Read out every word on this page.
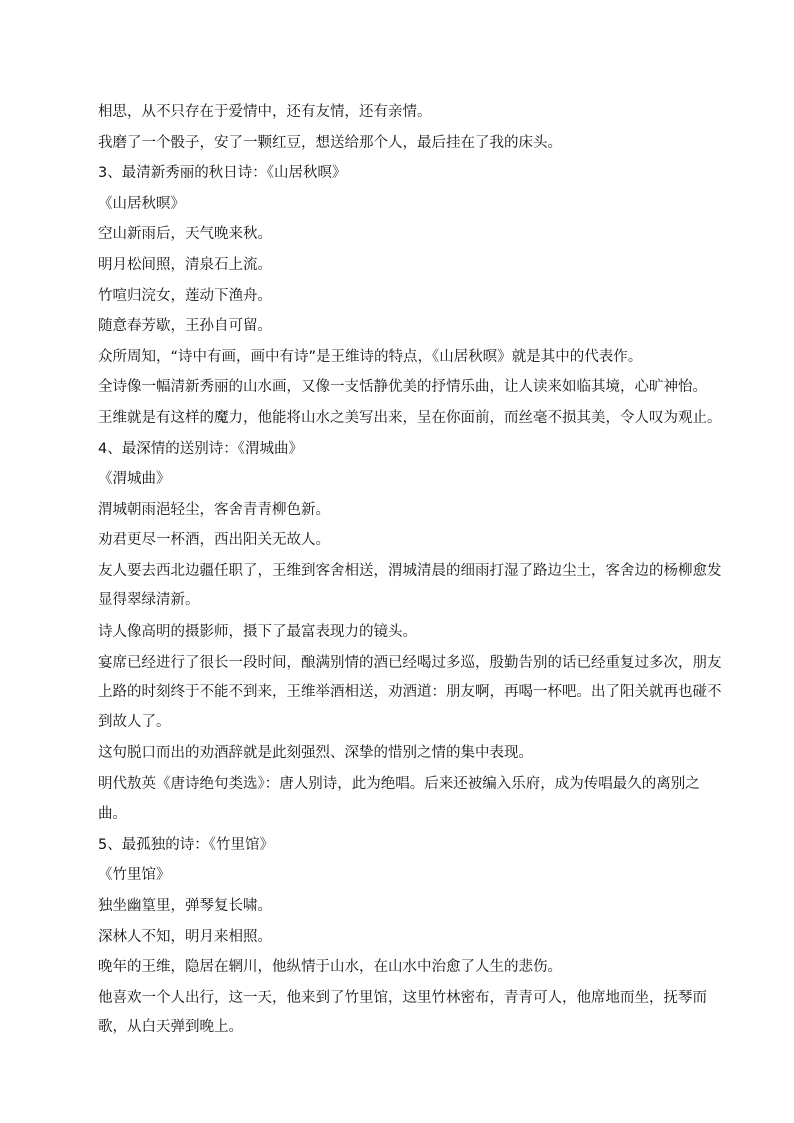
相思，从不只存在于爱情中，还有友情，还有亲情。

我磨了一个骰子，安了一颗红豆，想送给那个人，最后挂在了我的床头。

3、最清新秀丽的秋日诗：《山居秋暝》

《山居秋暝》

空山新雨后，天气晚来秋。

明月松间照，清泉石上流。

竹喧归浣女，莲动下渔舟。

随意春芳歇，王孙自可留。

众所周知，“诗中有画，画中有诗”是王维诗的特点，《山居秋暝》就是其中的代表作。

全诗像一幅清新秀丽的山水画，又像一支恬静优美的抒情乐曲，让人读来如临其境，心旷神怡。

王维就是有这样的魔力，他能将山水之美写出来，呈在你面前，而丝毫不损其美，令人叹为观止。

4、最深情的送别诗：《渭城曲》

《渭城曲》

渭城朝雨浥轻尘，客舍青青柳色新。

劝君更尽一杯酒，西出阳关无故人。

友人要去西北边疆任职了，王维到客舍相送，渭城清晨的细雨打湿了路边尘土，客舍边的杨柳愈发显得翠绿清新。

诗人像高明的摄影师，摄下了最富表现力的镜头。

宴席已经进行了很长一段时间，酿满别情的酒已经喝过多巡，殷勤告别的话已经重复过多次，朋友上路的时刻终于不能不到来，王维举酒相送，劝酒道：朋友啊，再喝一杯吧。出了阳关就再也碰不到故人了。

这句脱口而出的劝酒辞就是此刻强烈、深挚的惜别之情的集中表现。

明代敖英《唐诗绝句类选》：唐人别诗，此为绝唱。后来还被编入乐府，成为传唱最久的离别之曲。

5、最孤独的诗：《竹里馆》

《竹里馆》

独坐幽篁里，弹琴复长啸。

深林人不知，明月来相照。

晚年的王维，隐居在辋川，他纵情于山水，在山水中治愈了人生的悲伤。

他喜欢一个人出行，这一天，他来到了竹里馆，这里竹林密布，青青可人，他席地而坐，抚琴而歌，从白天弹到晚上。
